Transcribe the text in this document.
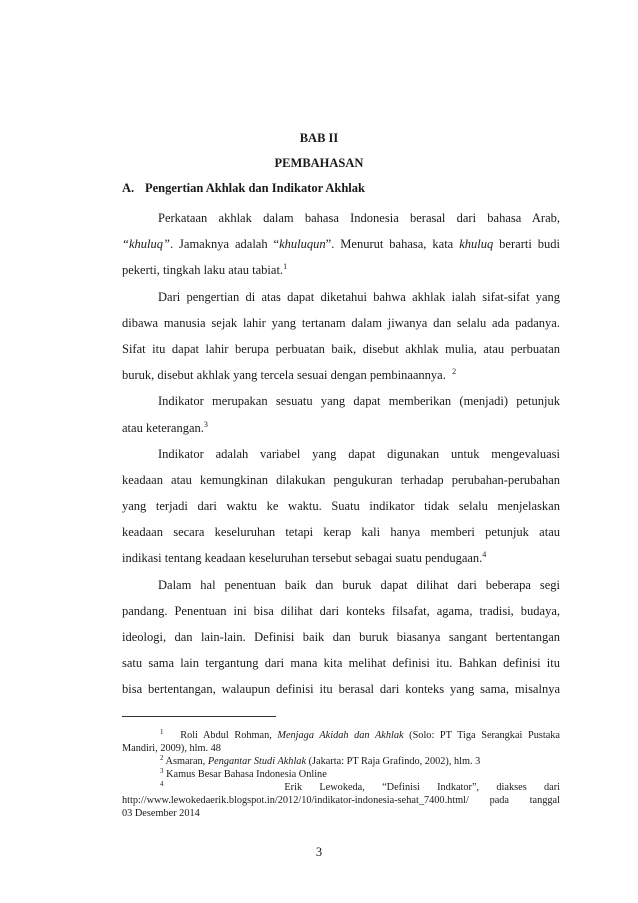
BAB II
PEMBAHASAN
A. Pengertian Akhlak dan Indikator Akhlak
Perkataan akhlak dalam bahasa Indonesia berasal dari bahasa Arab,
“khuluq”. Jamaknya adalah “khuluqun”. Menurut bahasa, kata khuluq berarti budi
pekerti, tingkah laku atau tabiat.$^1$
Dari pengertian di atas dapat diketahui bahwa akhlak ialah sifat-sifat yang
dibawa manusia sejak lahir yang tertanam dalam jiwanya dan selalu ada padanya.
Sifat itu dapat lahir berupa perbuatan baik, disebut akhlak mulia, atau perbuatan
buruk, disebut akhlak yang tercela sesuai dengan pembinaannya. $^2$
Indikator merupakan sesuatu yang dapat memberikan (menjadi) petunjuk
atau keterangan.$^3$
Indikator adalah variabel yang dapat digunakan untuk mengevaluasi
keadaan atau kemungkinan dilakukan pengukuran terhadap perubahan-perubahan
yang terjadi dari waktu ke waktu. Suatu indikator tidak selalu menjelaskan
keadaan secara keseluruhan tetapi kerap kali hanya memberi petunjuk atau
indikasi tentang keadaan keseluruhan tersebut sebagai suatu pendugaan.$^4$
Dalam hal penentuan baik dan buruk dapat dilihat dari beberapa segi
pandang. Penentuan ini bisa dilihat dari konteks filsafat, agama, tradisi, budaya,
ideologi, dan lain-lain. Definisi baik dan buruk biasanya sangant bertentangan
satu sama lain tergantung dari mana kita melihat definisi itu. Bahkan definisi itu
bisa bertentangan, walaupun definisi itu berasal dari konteks yang sama, misalnya
$^1$ Roli Abdul Rohman, Menjaga Akidah dan Akhlak (Solo: PT Tiga Serangkai Pustaka
Mandiri, 2009), hlm. 48
$^2$ Asmaran, Pengantar Studi Akhlak (Jakarta: PT Raja Grafindo, 2002), hlm. 3
$^3$ Kamus Besar Bahasa Indonesia Online
$^4$	Erik Lewokeda, “Definisi Indkator”, diakses dari
http://www.lewokedaerik.blogspot.in/2012/10/indikator-indonesia-sehat_7400.html/ pada tanggal
03 Desember 2014
3
